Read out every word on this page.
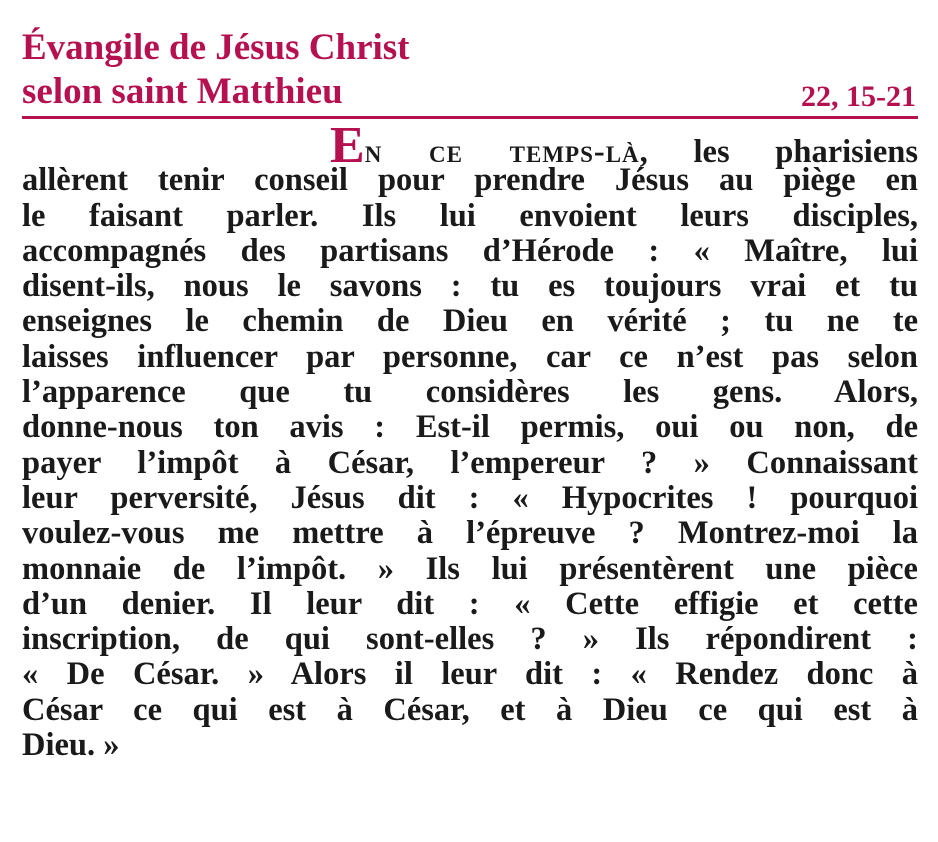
Évangile de Jésus Christ
selon saint Matthieu	22, 15-21
En ce temps-là, les pharisiens
allèrent tenir conseil pour prendre Jésus au piège en
le faisant parler. Ils lui envoient leurs disciples,
accompagnés des partisans d’Hérode : « Maître, lui
disent-ils, nous le savons : tu es toujours vrai et tu
enseignes le chemin de Dieu en vérité ; tu ne te
laisses influencer par personne, car ce n’est pas selon
l’apparence que tu considères les gens. Alors,
donne-nous ton avis : Est-il permis, oui ou non, de
payer l’impôt à César, l’empereur ? » Connaissant
leur perversité, Jésus dit : « Hypocrites ! pourquoi
voulez-vous me mettre à l’épreuve ? Montrez-moi la
monnaie de l’impôt. » Ils lui présentèrent une pièce
d’un denier. Il leur dit : « Cette effigie et cette
inscription, de qui sont-elles ? » Ils répondirent :
« De César. » Alors il leur dit : « Rendez donc à
César ce qui est à César, et à Dieu ce qui est à
Dieu. »
